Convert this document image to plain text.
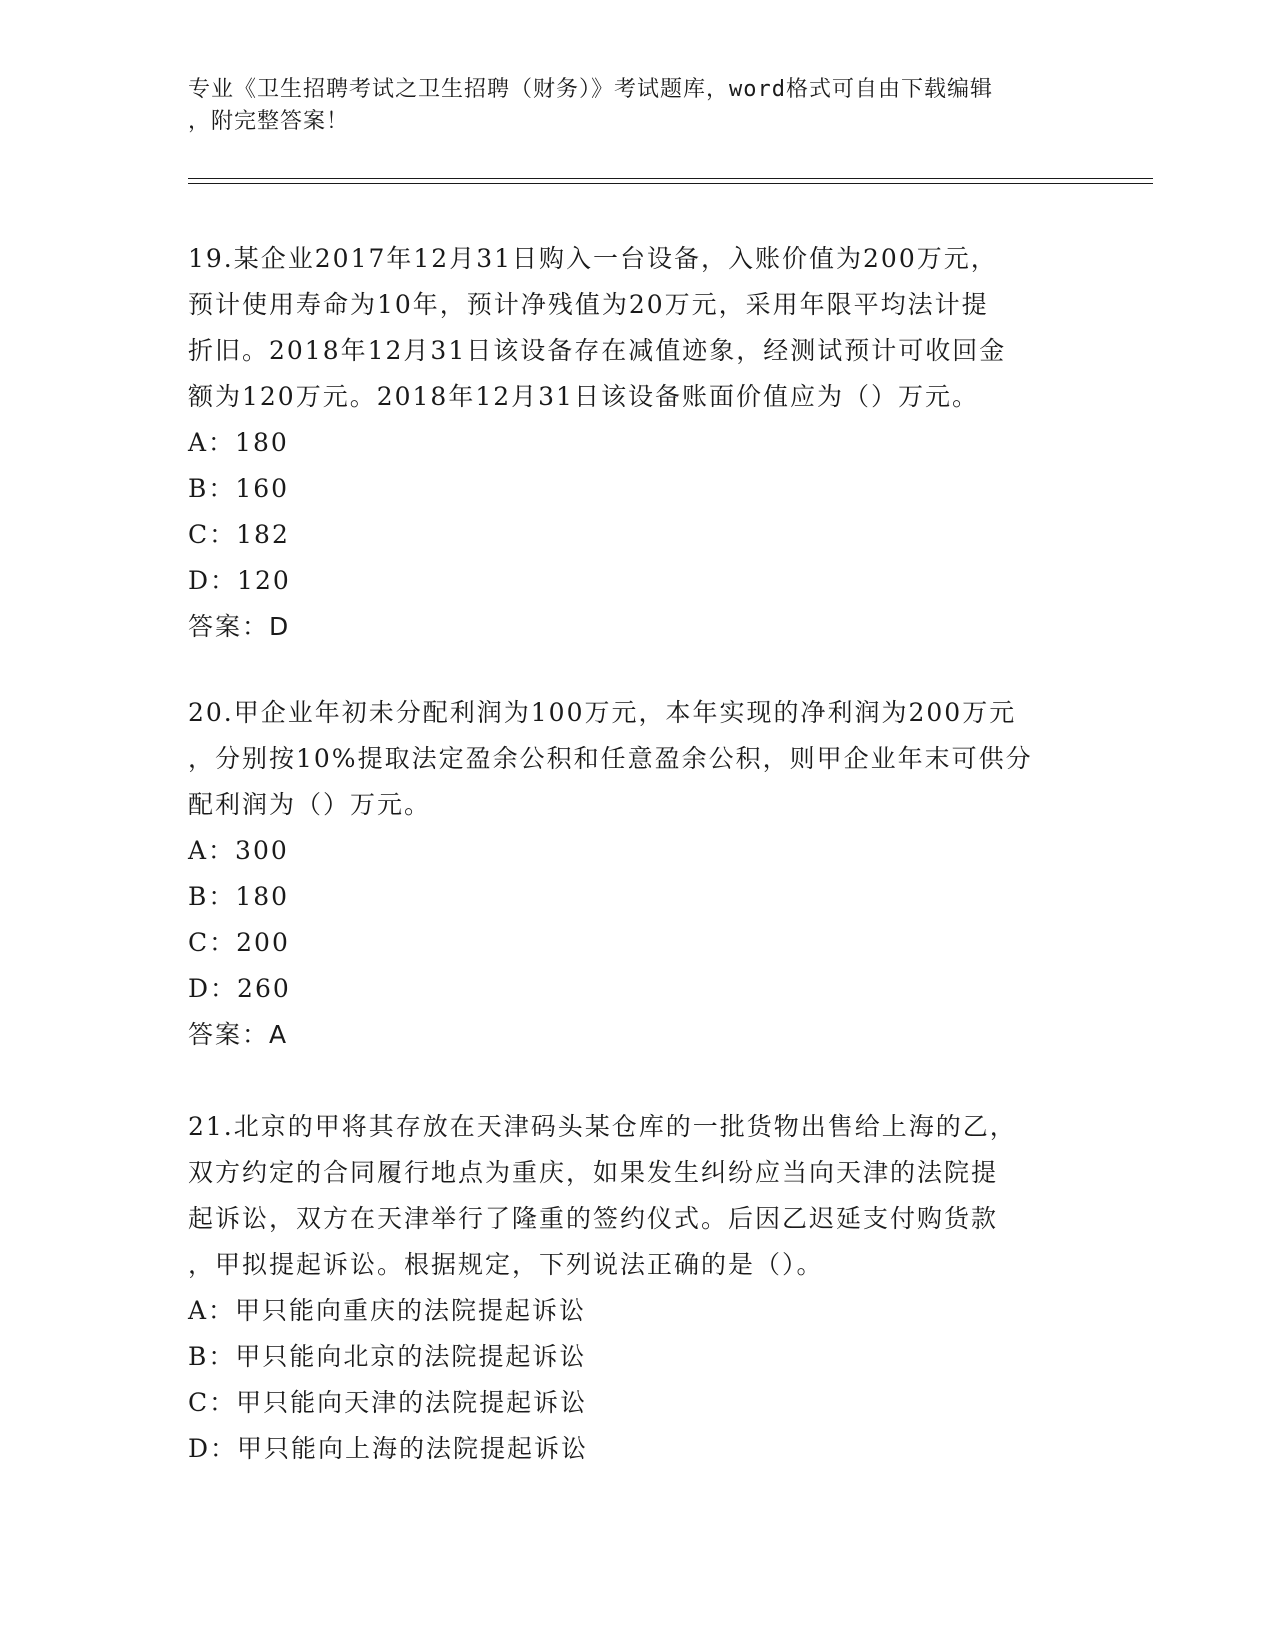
专业《卫生招聘考试之卫生招聘（财务）》考试题库，word格式可自由下载编辑
，附完整答案！
19.某企业2017年12月31日购入一台设备，入账价值为200万元，
预计使用寿命为10年，预计净残值为20万元，采用年限平均法计提
折旧。2018年12月31日该设备存在减值迹象，经测试预计可收回金
额为120万元。2018年12月31日该设备账面价值应为（）万元。
A：180
B：160
C：182
D：120
答案：D
20.甲企业年初未分配利润为100万元，本年实现的净利润为200万元
，分别按10%提取法定盈余公积和任意盈余公积，则甲企业年末可供分
配利润为（）万元。
A：300
B：180
C：200
D：260
答案：A
21.北京的甲将其存放在天津码头某仓库的一批货物出售给上海的乙，
双方约定的合同履行地点为重庆，如果发生纠纷应当向天津的法院提
起诉讼，双方在天津举行了隆重的签约仪式。后因乙迟延支付购货款
，甲拟提起诉讼。根据规定，下列说法正确的是（）。
A：甲只能向重庆的法院提起诉讼
B：甲只能向北京的法院提起诉讼
C：甲只能向天津的法院提起诉讼
D：甲只能向上海的法院提起诉讼
